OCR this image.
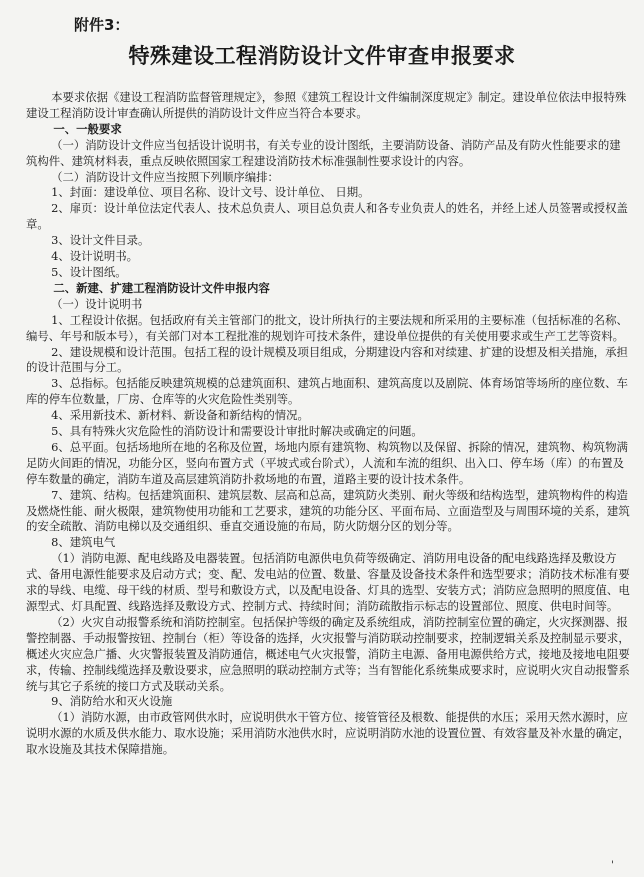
附件3：
特殊建设工程消防设计文件审查申报要求

本要求依据《建设工程消防监督管理规定》，参照《建筑工程设计文件编制深度规定》制定。建设单位依法申报特殊建设工程消防设计审查确认所提供的消防设计文件应当符合本要求。

一、一般要求

（一）消防设计文件应当包括设计说明书，有关专业的设计图纸，主要消防设备、消防产品及有防火性能要求的建筑构件、建筑材料表，重点反映依照国家工程建设消防技术标准强制性要求设计的内容。

（二）消防设计文件应当按照下列顺序编排：

1、封面：建设单位、项目名称、设计文号、设计单位、 日期。

2、扉页：设计单位法定代表人、技术总负责人、项目总负责人和各专业负责人的姓名，并经上述人员签署或授权盖章。

3、设计文件目录。

4、设计说明书。

5、设计图纸。

二、新建、扩建工程消防设计文件申报内容

（一）设计说明书

1、工程设计依据。包括政府有关主管部门的批文，设计所执行的主要法规和所采用的主要标准（包括标准的名称、编号、年号和版本号），有关部门对本工程批准的规划许可技术条件，建设单位提供的有关使用要求或生产工艺等资料。

2、建设规模和设计范围。包括工程的设计规模及项目组成，分期建设内容和对续建、扩建的设想及相关措施，承担的设计范围与分工。

3、总指标。包括能反映建筑规模的总建筑面积、建筑占地面积、建筑高度以及剧院、体育场馆等场所的座位数、车库的停车位数量，厂房、仓库等的火灾危险性类别等。

4、采用新技术、新材料、新设备和新结构的情况。

5、具有特殊火灾危险性的消防设计和需要设计审批时解决或确定的问题。

6、总平面。包括场地所在地的名称及位置，场地内原有建筑物、构筑物以及保留、拆除的情况，建筑物、构筑物满足防火间距的情况，功能分区，竖向布置方式（平坡式或台阶式），人流和车流的组织、出入口、停车场（库）的布置及停车数量的确定，消防车道及高层建筑消防扑救场地的布置，道路主要的设计技术条件。

7、建筑、结构。包括建筑面积、建筑层数、层高和总高，建筑防火类别、耐火等级和结构选型，建筑物构件的构造及燃烧性能、耐火极限，建筑物使用功能和工艺要求，建筑的功能分区、平面布局、立面造型及与周围环境的关系，建筑的安全疏散、消防电梯以及交通组织、垂直交通设施的布局，防火防烟分区的划分等。

8、建筑电气

（1）消防电源、配电线路及电器装置。包括消防电源供电负荷等级确定、消防用电设备的配电线路选择及敷设方式、备用电源性能要求及启动方式；变、配、发电站的位置、数量、容量及设备技术条件和选型要求；消防技术标准有要求的导线、电缆、母干线的材质、型号和敷设方式，以及配电设备、灯具的选型、安装方式；消防应急照明的照度值、电源型式、灯具配置、线路选择及敷设方式、控制方式、持续时间；消防疏散指示标志的设置部位、照度、供电时间等。

（2）火灾自动报警系统和消防控制室。包括保护等级的确定及系统组成，消防控制室位置的确定，火灾探测器、报警控制器、手动报警按钮、控制台（柜）等设备的选择，火灾报警与消防联动控制要求，控制逻辑关系及控制显示要求，概述火灾应急广播、火灾警报装置及消防通信，概述电气火灾报警，消防主电源、备用电源供给方式，接地及接地电阻要求，传输、控制线缆选择及敷设要求，应急照明的联动控制方式等；当有智能化系统集成要求时，应说明火灾自动报警系统与其它子系统的接口方式及联动关系。

9、消防给水和灭火设施

（1）消防水源，由市政管网供水时，应说明供水干管方位、接管管径及根数、能提供的水压；采用天然水源时，应说明水源的水质及供水能力、取水设施；采用消防水池供水时，应说明消防水池的设置位置、有效容量及补水量的确定，取水设施及其技术保障措施。

'
